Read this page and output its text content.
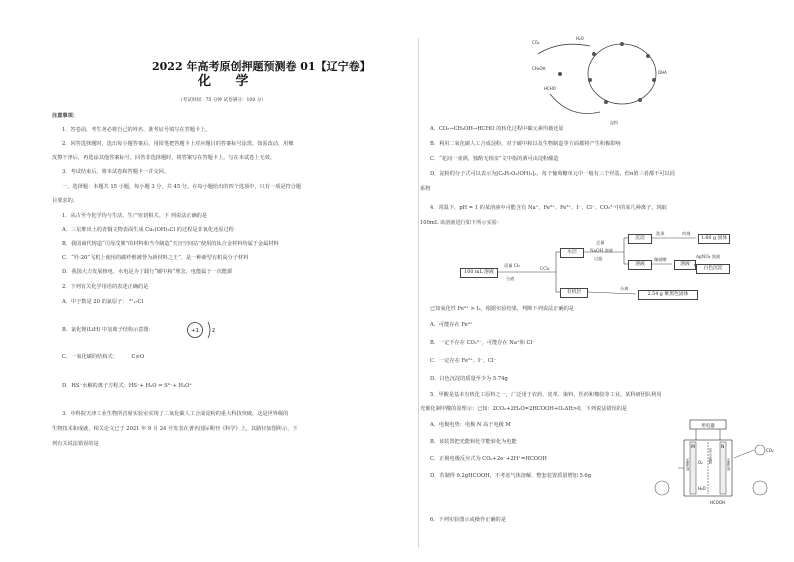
2022 年高考原创押题预测卷 01【辽宁卷】
化 学
（考试时间：75 分钟 试卷满分：100 分）
注意事项：
1．答卷前，考生务必将自己的姓名、准考证号填写在答题卡上。
2．回答选择题时，选出每小题答案后，用铅笔把答题卡上对应题目的答案标号涂黑。如需改动，用橡
皮擦干净后，再选涂其他答案标号。回答非选择题时，将答案写在答题卡上。写在本试卷上无效。
3．考试结束后，将本试卷和答题卡一并交回。
一、选择题：本题共 15 小题，每小题 3 分，共 45 分。在每小题给出的四个选项中，只有一项是符合题
目要求的。
1．从古至今化学均与生活、生产密切相关。下 列说法正确的是
A．三星堆出土的青铜文物表面生成 Cu₂(OH)₃Cl 的过程是非氧化还原过程
B．我国商代铸造“司母戊鼎”的材料和当今制造“天宫空间站”使用的钛合金材料均属于金属材料
C．“歼-20”飞机上使用的碳纤维被誉为新材料之王”，是一种新型有机高分子材料
D．我国大力发展核电、水电是为了践行“碳中和”理念，电能属于一次能源
2．下列有关化学用语的表述正确的是
A．中子数是 20 的氯原子： ³⁷₁₇Cl
B．氯化锂(LiH) 中氢离子结构示意图：	+1	2
C．一氧化碳的结构式：	C≡O
D．HS⁻水解的离子方程式：HS⁻+ H₂O ⇌ S²⁻+ H₃O⁺
3．中科院天津工业生物所首席实验室实现了二氧化碳人工合成淀粉的重大科技突破，这是世界级的
生物技术和成就，相关论文已于 2021 年 9 月 24 号发表在著名国际期刊《科学》上，其路径如图所示，下
列有关说法错误的是
CO₂
H₂O
CH₃OH
HCHO
DHA
淀粉
A．CO₂→CH₃OH→HCHO 的转化过程中碳元素均被还原
B．利用二氧化碳人工合成淀粉，对于碳中和以及生物制造等方面都将产生积极影响
C．“花间一壶酒，独酌无相亲”文中指的酒可由淀粉酿造
D．淀粉的分子式可以表示为[C₆H₇O₂(OH)₃]ₙ，每个葡萄糖单元中一般有三个羟基，但n值三者都不可以同
系物
4．常温下，pH = 1 的某溶液中可能含有 Na⁺、Fe³⁺、Fe²⁺、I⁻、Cl⁻、CO₃²⁻中的某几种离子，现取
100mL 该溶液进行如下所示实验：
100 mL 溶液
适量 Cl₂
分液
CCl₄
水层
有机层
足量
NaOH 溶液
过滤
沉淀
洗涤	灼烧
1.60 g 固体
溶液
稀硝酸
溶液
AgNO₃ 溶液
白色沉淀
分离
2.54 g 紫黑色固体
已知氧化性 Fe³⁺ > I₂，根据实验结果，判断下列说法正确的是
A．可能存在 Fe³⁺
B．一定不存在 CO₃²⁻，可能存在 Na⁺和 Cl⁻
C．一定存在 Fe²⁺、I⁻、Cl⁻
D．白色沉淀的质量至少为 5.74g
5．甲酸是基本有机化工原料之一，广泛用于农药、皮革、染料、医药和橡胶等工业。某科研团队利用
光催化制甲酸的原理示：已知：2CO₂+2H₂O=2HCOOH+O₂ΔH>0。下列说法错误的是
A．电极电势：电极 N 高于电极 M
B．该装置把光能和化学能转化为电能
C．正极电极反应式为 CO₂+2e⁻+2H⁺=HCOOH
D．若制得 9.2gHCOOH，不考虑气体溶解，整套装置质量增加 5.6g
用电器
M	N
光催化剂	光催化剂
质子交换膜
H₂O
O₂
CO₂
HCOOH
6．下列实验图示或操作正确的是
